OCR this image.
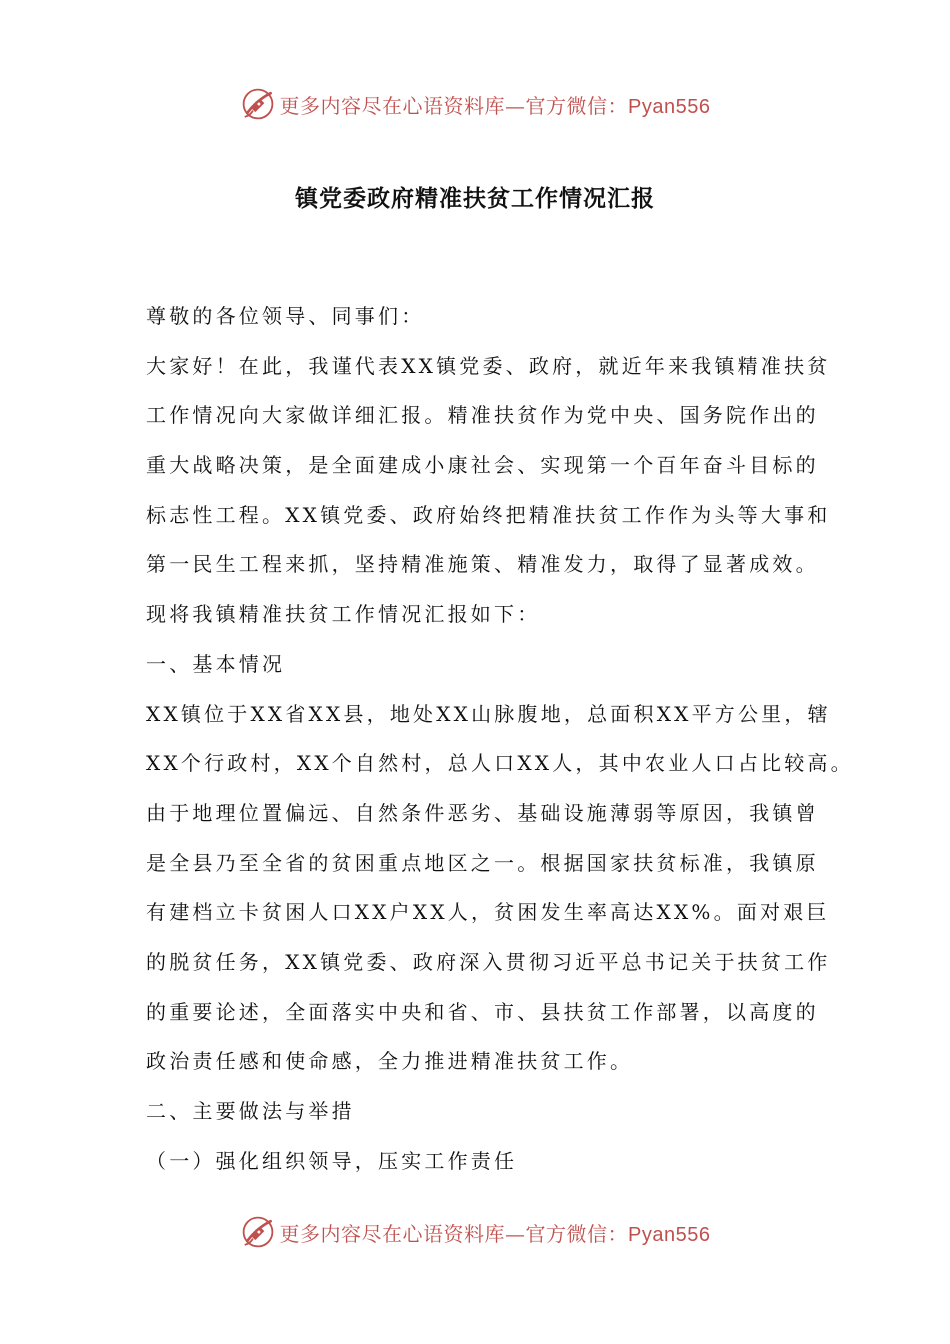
更多内容尽在心语资料库—官方微信：Pyan556
镇党委政府精准扶贫工作情况汇报
尊敬的各位领导、同事们：
大家好！在此，我谨代表XX镇党委、政府，就近年来我镇精准扶贫
工作情况向大家做详细汇报。精准扶贫作为党中央、国务院作出的
重大战略决策，是全面建成小康社会、实现第一个百年奋斗目标的
标志性工程。XX镇党委、政府始终把精准扶贫工作作为头等大事和
第一民生工程来抓，坚持精准施策、精准发力，取得了显著成效。
现将我镇精准扶贫工作情况汇报如下：
一、基本情况
XX镇位于XX省XX县，地处XX山脉腹地，总面积XX平方公里，辖
XX个行政村，XX个自然村，总人口XX人，其中农业人口占比较高。
由于地理位置偏远、自然条件恶劣、基础设施薄弱等原因，我镇曾
是全县乃至全省的贫困重点地区之一。根据国家扶贫标准，我镇原
有建档立卡贫困人口XX户XX人，贫困发生率高达XX%。面对艰巨
的脱贫任务，XX镇党委、政府深入贯彻习近平总书记关于扶贫工作
的重要论述，全面落实中央和省、市、县扶贫工作部署，以高度的
政治责任感和使命感，全力推进精准扶贫工作。
二、主要做法与举措
（一）强化组织领导，压实工作责任
更多内容尽在心语资料库—官方微信：Pyan556
